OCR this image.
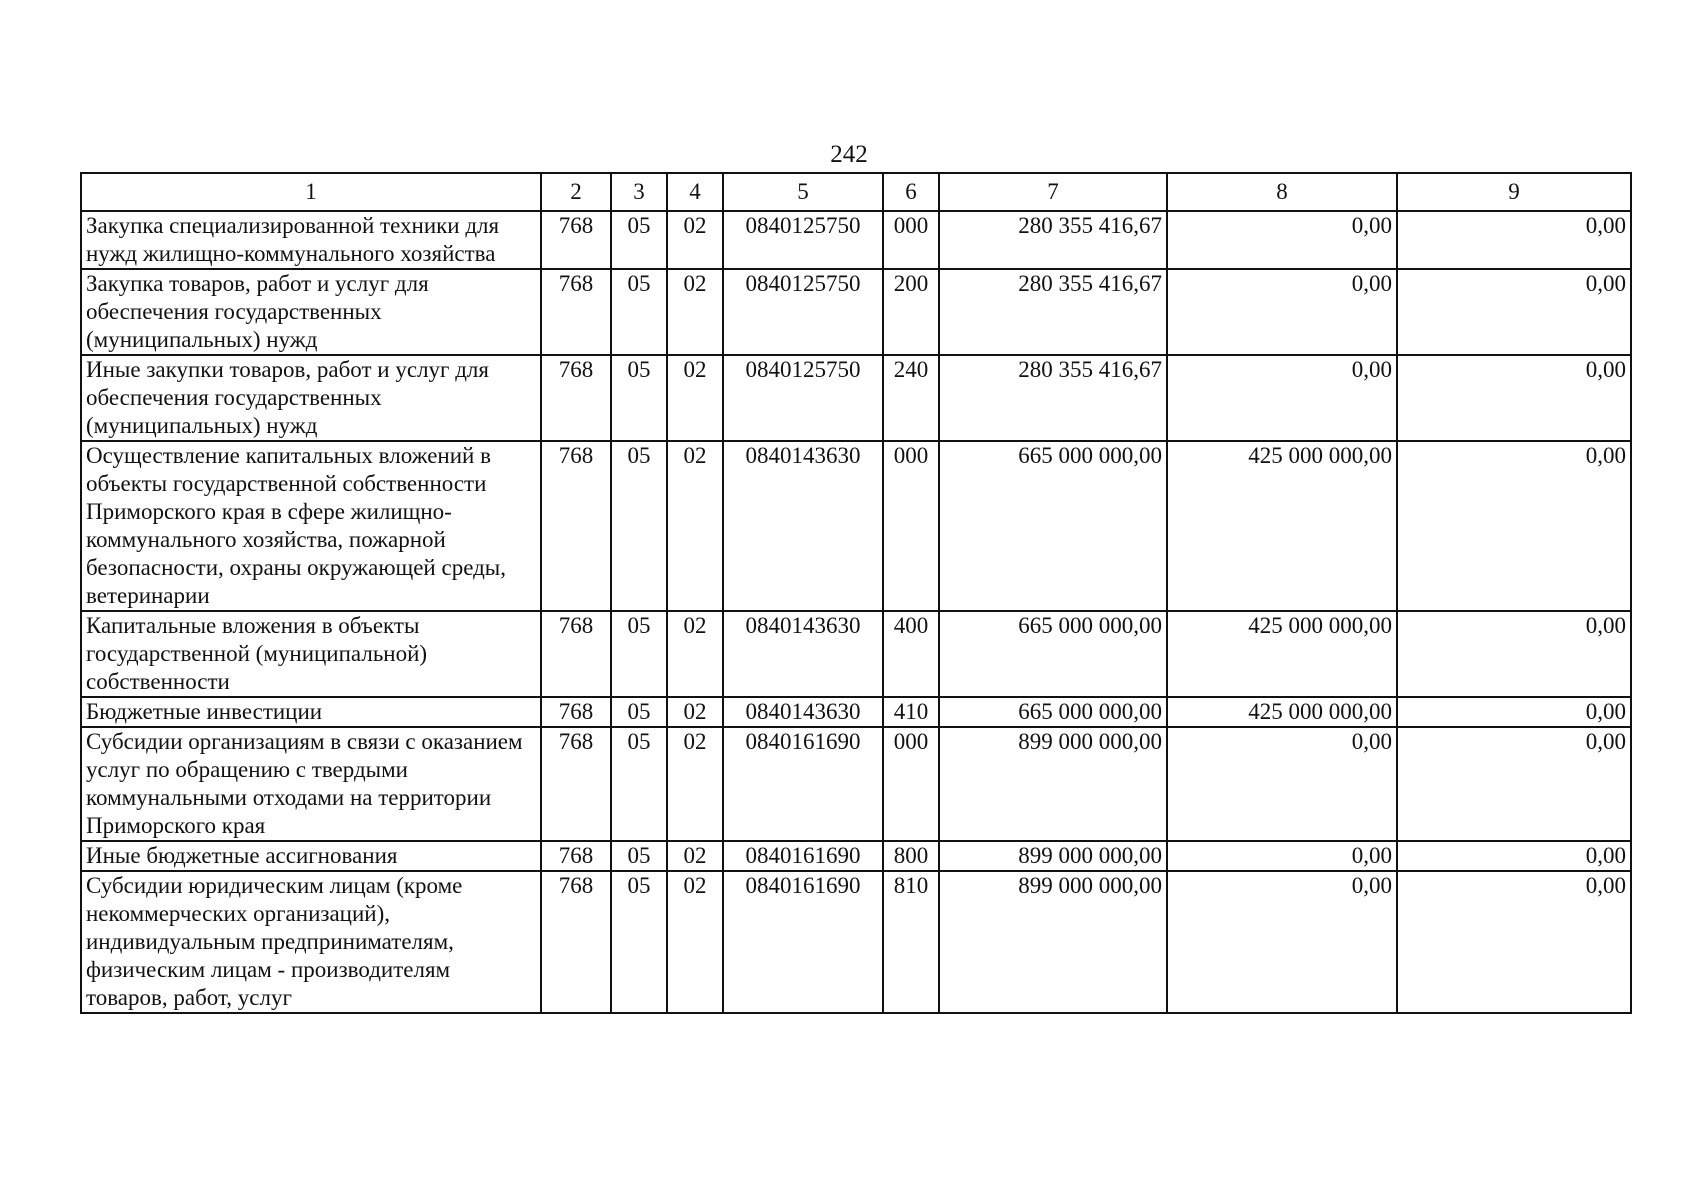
242
1	2	3	4	5	6	7	8	9
Закупка специализированной техники для нужд жилищно-коммунального хозяйства	768	05	02	0840125750	000	280 355 416,67	0,00	0,00
Закупка товаров, работ и услуг для обеспечения государственных (муниципальных) нужд	768	05	02	0840125750	200	280 355 416,67	0,00	0,00
Иные закупки товаров, работ и услуг для обеспечения государственных (муниципальных) нужд	768	05	02	0840125750	240	280 355 416,67	0,00	0,00
Осуществление капитальных вложений в объекты государственной собственности Приморского края в сфере жилищно-коммунального хозяйства, пожарной безопасности, охраны окружающей среды, ветеринарии	768	05	02	0840143630	000	665 000 000,00	425 000 000,00	0,00
Капитальные вложения в объекты государственной (муниципальной) собственности	768	05	02	0840143630	400	665 000 000,00	425 000 000,00	0,00
Бюджетные инвестиции	768	05	02	0840143630	410	665 000 000,00	425 000 000,00	0,00
Субсидии организациям в связи с оказанием услуг по обращению с твердыми коммунальными отходами на территории Приморского края	768	05	02	0840161690	000	899 000 000,00	0,00	0,00
Иные бюджетные ассигнования	768	05	02	0840161690	800	899 000 000,00	0,00	0,00
Субсидии юридическим лицам (кроме некоммерческих организаций), индивидуальным предпринимателям, физическим лицам - производителям товаров, работ, услуг	768	05	02	0840161690	810	899 000 000,00	0,00	0,00
